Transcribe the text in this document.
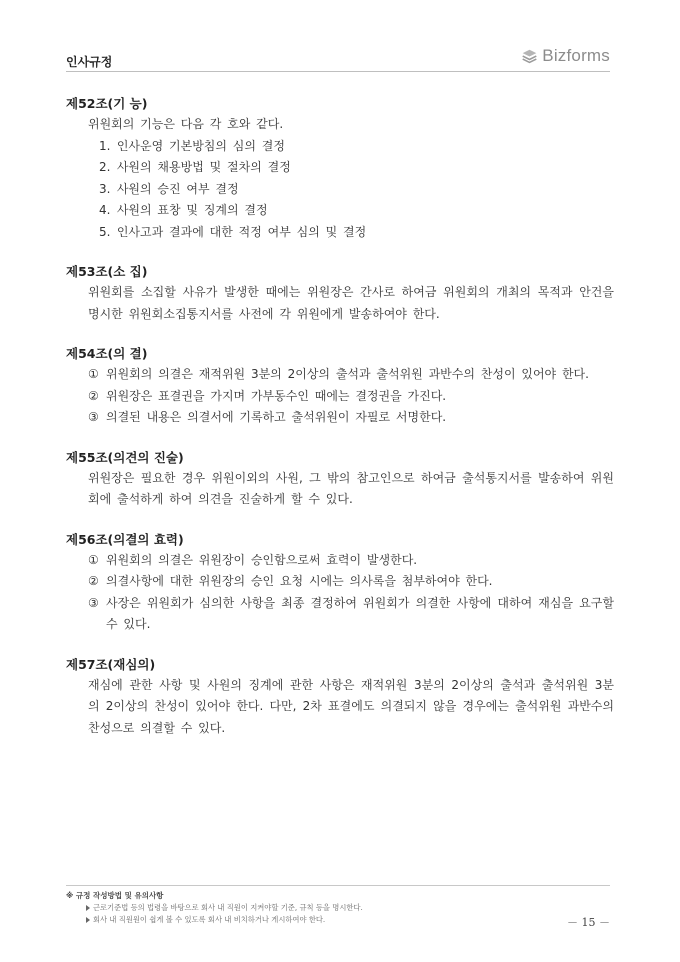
인사규정	Bizforms
제52조(기 능)
위원회의 기능은 다음 각 호와 같다.
1. 인사운영 기본방침의 심의 결정
2. 사원의 채용방법 및 절차의 결정
3. 사원의 승진 여부 결정
4. 사원의 표창 및 징계의 결정
5. 인사고과 결과에 대한 적정 여부 심의 및 결정
제53조(소 집)
위원회를 소집할 사유가 발생한 때에는 위원장은 간사로 하여금 위원회의 개최의 목적과 안건을 명시한 위원회소집통지서를 사전에 각 위원에게 발송하여야 한다.
제54조(의 결)
① 위원회의 의결은 재적위원 3분의 2이상의 출석과 출석위원 과반수의 찬성이 있어야 한다.
② 위원장은 표결권을 가지며 가부동수인 때에는 결정권을 가진다.
③ 의결된 내용은 의결서에 기록하고 출석위원이 자필로 서명한다.
제55조(의견의 진술)
위원장은 필요한 경우 위원이외의 사원, 그 밖의 참고인으로 하여금 출석통지서를 발송하여 위원회에 출석하게 하여 의견을 진술하게 할 수 있다.
제56조(의결의 효력)
① 위원회의 의결은 위원장이 승인함으로써 효력이 발생한다.
② 의결사항에 대한 위원장의 승인 요청 시에는 의사록을 첨부하여야 한다.
③ 사장은 위원회가 심의한 사항을 최종 결정하여 위원회가 의결한 사항에 대하여 재심을 요구할 수 있다.
제57조(재심의)
재심에 관한 사항 및 사원의 징계에 관한 사항은 재적위원 3분의 2이상의 출석과 출석위원 3분의 2이상의 찬성이 있어야 한다. 다만, 2차 표결에도 의결되지 않을 경우에는 출석위원 과반수의 찬성으로 의결할 수 있다.
※ 규정 작성방법 및 유의사항
근로기준법 등의 법령을 바탕으로 회사 내 직원이 지켜야할 기준, 규칙 등을 명시한다.
회사 내 직원원이 쉽게 볼 수 있도록 회사 내 비치하거나 게시하여야 한다.	－ 15 －
